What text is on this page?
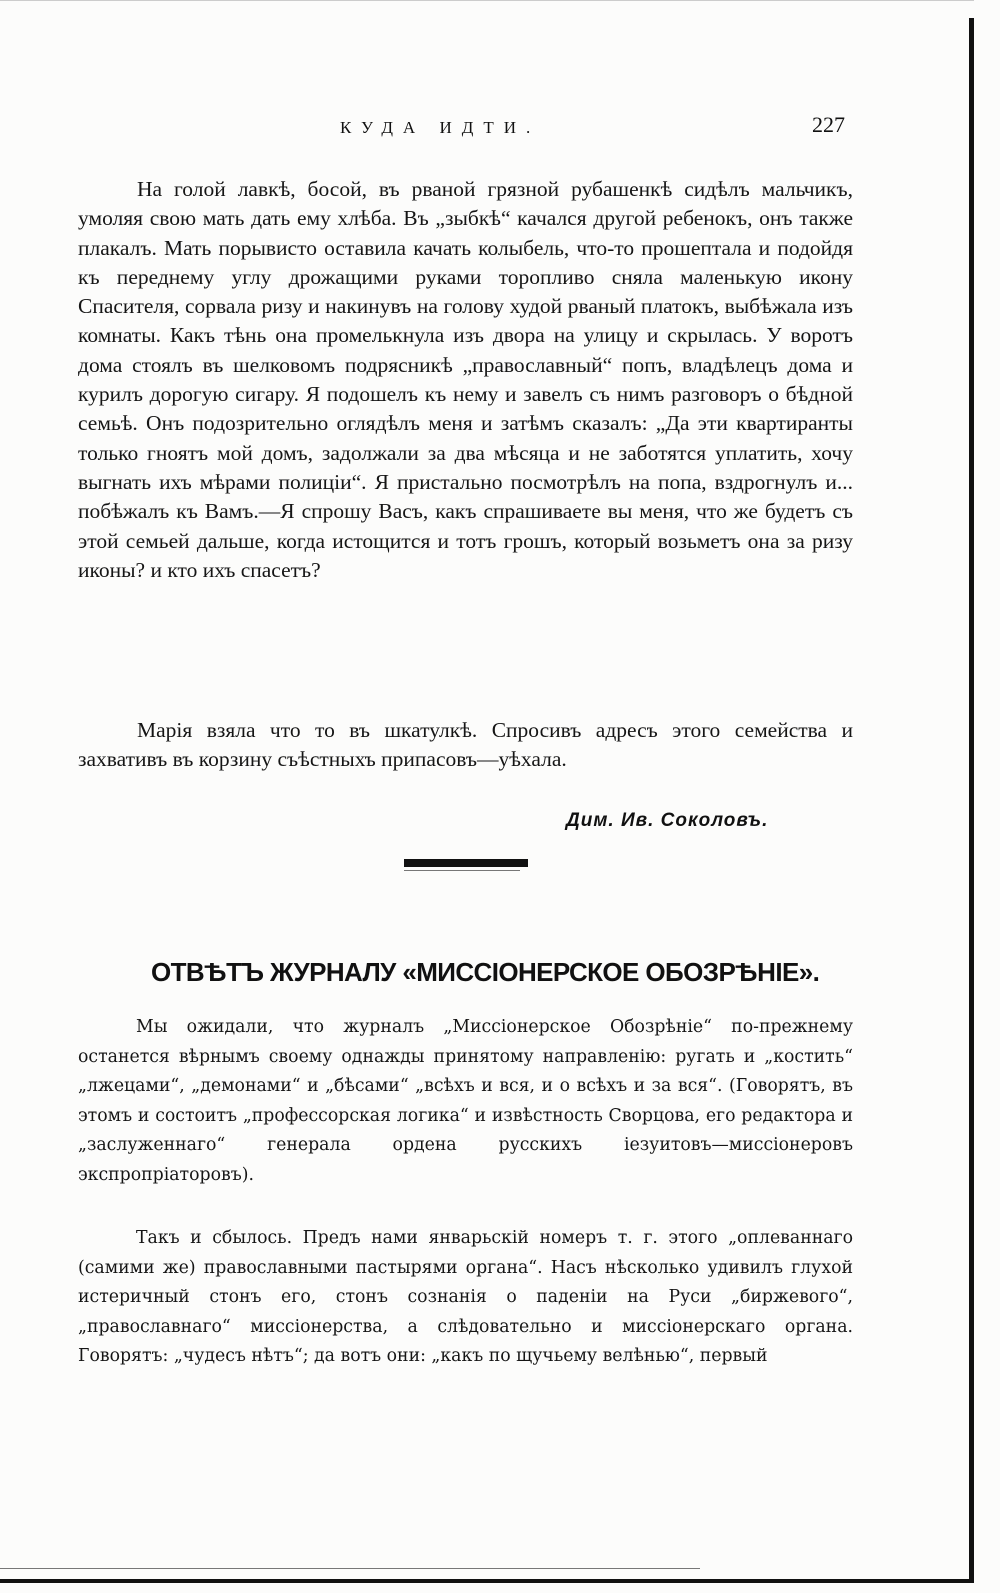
КУДА ИДТИ.	227

На голой лавкѣ, босой, въ рваной грязной рубашенкѣ сидѣлъ мальчикъ, умоляя свою мать дать ему хлѣба. Въ „зыбкѣ“ качался другой ребенокъ, онъ также плакалъ. Мать порывисто оставила качать колыбель, что-то прошептала и подойдя къ переднему углу дрожащими руками торопливо сняла маленькую икону Спасителя, сорвала ризу и накинувъ на голову худой рваный платокъ, выбѣжала изъ комнаты. Какъ тѣнь она промелькнула изъ двора на улицу и скрылась. У воротъ дома стоялъ въ шелковомъ подрясникѣ „православный“ попъ, владѣлецъ дома и курилъ дорогую сигару. Я подошелъ къ нему и завелъ съ нимъ разговоръ о бѣдной семьѣ. Онъ подозрительно оглядѣлъ меня и затѣмъ сказалъ: „Да эти квартиранты только гноятъ мой домъ, задолжали за два мѣсяца и не заботятся уплатить, хочу выгнать ихъ мѣрами полиціи“. Я пристально посмотрѣлъ на попа, вздрогнулъ и... побѣжалъ къ Вамъ.—Я спрошу Васъ, какъ спрашиваете вы меня, что же будетъ съ этой семьей дальше, когда истощится и тотъ грошъ, который возьметъ она за ризу иконы? и кто ихъ спасетъ?

Марія взяла что то въ шкатулкѣ. Спросивъ адресъ этого семейства и захвативъ въ корзину съѣстныхъ припасовъ—уѣхала.

Дим. Ив. Соколовъ.

ОТВѢТЪ ЖУРНАЛУ «МИССІОНЕРСКОЕ ОБОЗРѢНІЕ».

Мы ожидали, что журналъ „Миссіонерское Обозрѣніе“ по-прежнему останется вѣрнымъ своему однажды принятому направленію: ругать и „костить“ „лжецами“, „демонами“ и „бѣсами“ „всѣхъ и вся, и о всѣхъ и за вся“. (Говорятъ, въ этомъ и состоитъ „профессорская логика“ и извѣстность Сворцова, его редактора и „заслуженнаго“ генерала ордена русскихъ іезуитовъ—миссіонеровъ экспропріаторовъ).

Такъ и сбылось. Предъ нами январьскій номеръ т. г. этого „оплеваннаго (самими же) православными пастырями органа“. Насъ нѣсколько удивилъ глухой истеричный стонъ его, стонъ сознанія о паденіи на Руси „биржевого“, „православнаго“ миссіонерства, а слѣдовательно и миссіонерскаго органа. Говорятъ: „чудесъ нѣтъ“; да вотъ они: „какъ по щучьему велѣнью“, первый
